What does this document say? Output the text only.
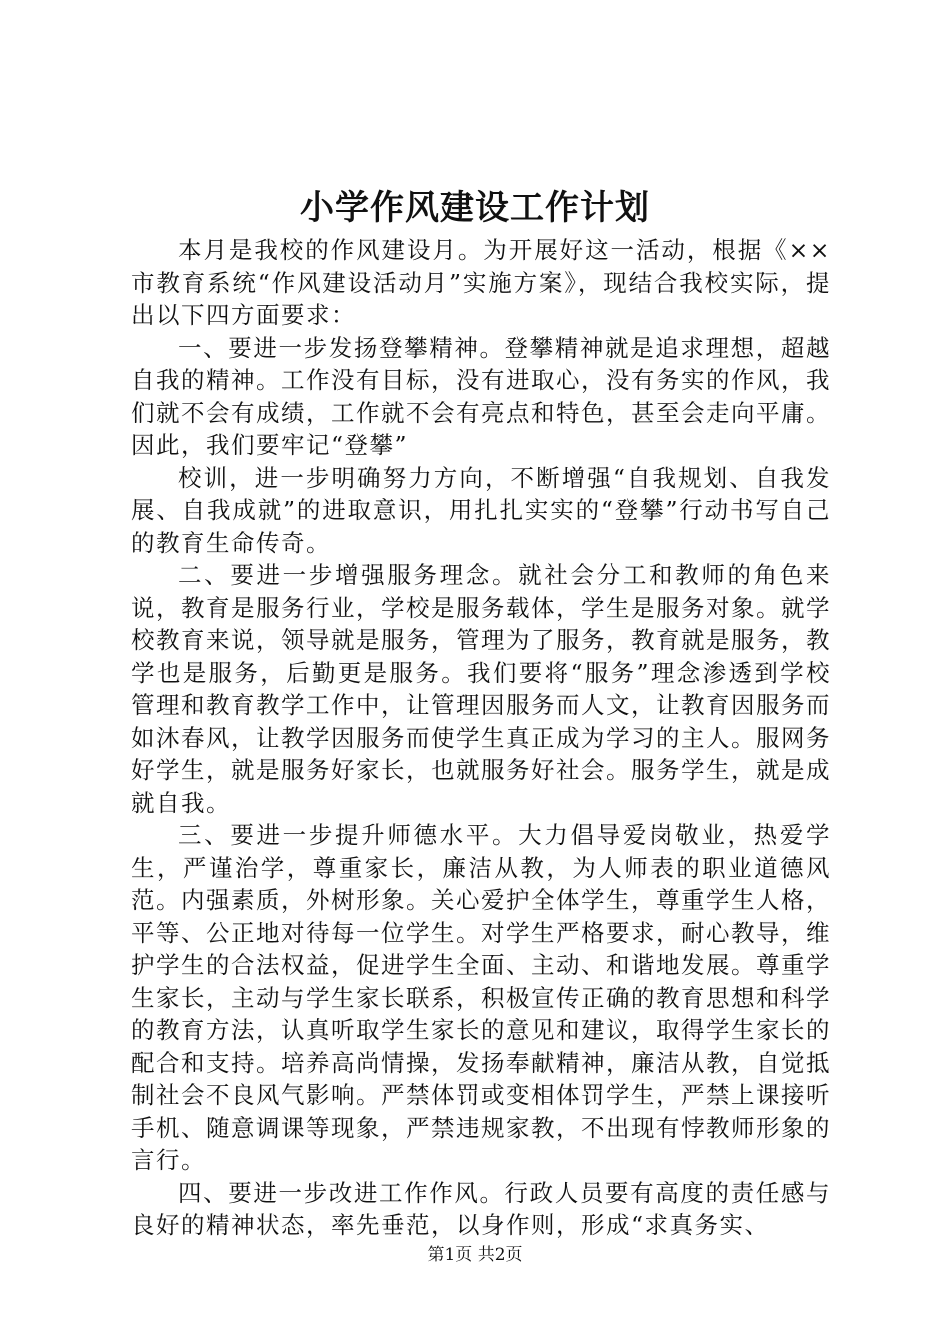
小学作风建设工作计划

本月是我校的作风建设月。为开展好这一活动，根据《××市教育系统“作风建设活动月”实施方案》，现结合我校实际，提出以下四方面要求：

一、要进一步发扬登攀精神。登攀精神就是追求理想，超越自我的精神。工作没有目标，没有进取心，没有务实的作风，我们就不会有成绩，工作就不会有亮点和特色，甚至会走向平庸。因此，我们要牢记“登攀”

校训，进一步明确努力方向，不断增强“自我规划、自我发展、自我成就”的进取意识，用扎扎实实的“登攀”行动书写自己的教育生命传奇。

二、要进一步增强服务理念。就社会分工和教师的角色来说，教育是服务行业，学校是服务载体，学生是服务对象。就学校教育来说，领导就是服务，管理为了服务，教育就是服务，教学也是服务，后勤更是服务。我们要将“服务”理念渗透到学校管理和教育教学工作中，让管理因服务而人文，让教育因服务而如沐春风，让教学因服务而使学生真正成为学习的主人。服网务好学生，就是服务好家长，也就服务好社会。服务学生，就是成就自我。

三、要进一步提升师德水平。大力倡导爱岗敬业，热爱学生，严谨治学，尊重家长，廉洁从教，为人师表的职业道德风范。内强素质，外树形象。关心爱护全体学生，尊重学生人格，平等、公正地对待每一位学生。对学生严格要求，耐心教导，维护学生的合法权益，促进学生全面、主动、和谐地发展。尊重学生家长，主动与学生家长联系，积极宣传正确的教育思想和科学的教育方法，认真听取学生家长的意见和建议，取得学生家长的配合和支持。培养高尚情操，发扬奉献精神，廉洁从教，自觉抵制社会不良风气影响。严禁体罚或变相体罚学生，严禁上课接听手机、随意调课等现象，严禁违规家教，不出现有悖教师形象的言行。

四、要进一步改进工作作风。行政人员要有高度的责任感与良好的精神状态，率先垂范，以身作则，形成“求真务实、

第1页 共2页
